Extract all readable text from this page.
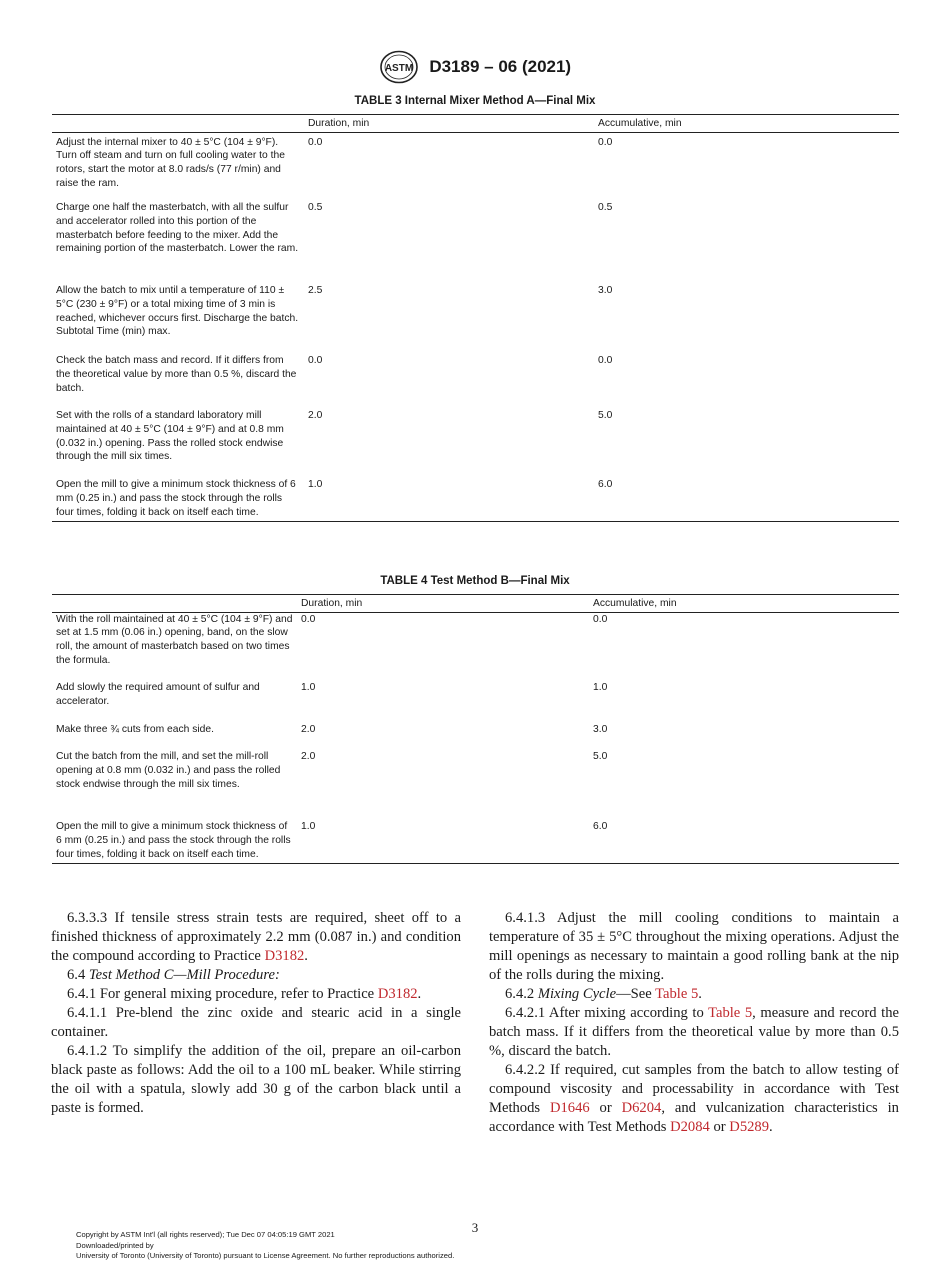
ASTM D3189 – 06 (2021)
TABLE 3 Internal Mixer Method A—Final Mix
	Duration, min	Accumulative, min
Adjust the internal mixer to 40 ± 5°C (104 ± 9°F). Turn off steam and turn on full cooling water to the rotors, start the motor at 8.0 rads/s (77 r/min) and raise the ram.	0.0	0.0
Charge one half the masterbatch, with all the sulfur and accelerator rolled into this portion of the masterbatch before feeding to the mixer. Add the remaining portion of the masterbatch. Lower the ram.	0.5	0.5
Allow the batch to mix until a temperature of 110 ± 5°C (230 ± 9°F) or a total mixing time of 3 min is reached, whichever occurs first. Discharge the batch. Subtotal Time (min) max.	2.5	3.0
Check the batch mass and record. If it differs from the theoretical value by more than 0.5 %, discard the batch.	0.0	0.0
Set with the rolls of a standard laboratory mill maintained at 40 ± 5°C (104 ± 9°F) and at 0.8 mm (0.032 in.) opening. Pass the rolled stock endwise through the mill six times.	2.0	5.0
Open the mill to give a minimum stock thickness of 6 mm (0.25 in.) and pass the stock through the rolls four times, folding it back on itself each time.	1.0	6.0
TABLE 4 Test Method B—Final Mix
	Duration, min	Accumulative, min
With the roll maintained at 40 ± 5°C (104 ± 9°F) and set at 1.5 mm (0.06 in.) opening, band, on the slow roll, the amount of masterbatch based on two times the formula.	0.0	0.0
Add slowly the required amount of sulfur and accelerator.	1.0	1.0
Make three ¾ cuts from each side.	2.0	3.0
Cut the batch from the mill, and set the mill-roll opening at 0.8 mm (0.032 in.) and pass the rolled stock endwise through the mill six times.	2.0	5.0
Open the mill to give a minimum stock thickness of 6 mm (0.25 in.) and pass the stock through the rolls four times, folding it back on itself each time.	1.0	6.0

6.3.3.3 If tensile stress strain tests are required, sheet off to a finished thickness of approximately 2.2 mm (0.087 in.) and condition the compound according to Practice D3182.

6.4 Test Method C—Mill Procedure:

6.4.1 For general mixing procedure, refer to Practice D3182.

6.4.1.1 Pre-blend the zinc oxide and stearic acid in a single container.

6.4.1.2 To simplify the addition of the oil, prepare an oil-carbon black paste as follows: Add the oil to a 100 mL beaker. While stirring the oil with a spatula, slowly add 30 g of the carbon black until a paste is formed.

6.4.1.3 Adjust the mill cooling conditions to maintain a temperature of 35 ± 5°C throughout the mixing operations. Adjust the mill openings as necessary to maintain a good rolling bank at the nip of the rolls during the mixing.

6.4.2 Mixing Cycle—See Table 5.

6.4.2.1 After mixing according to Table 5, measure and record the batch mass. If it differs from the theoretical value by more than 0.5 %, discard the batch.

6.4.2.2 If required, cut samples from the batch to allow testing of compound viscosity and processability in accordance with Test Methods D1646 or D6204, and vulcanization characteristics in accordance with Test Methods D2084 or D5289.

3
Copyright by ASTM Int'l (all rights reserved); Tue Dec 07 04:05:19 GMT 2021
Downloaded/printed by
University of Toronto (University of Toronto) pursuant to License Agreement. No further reproductions authorized.
